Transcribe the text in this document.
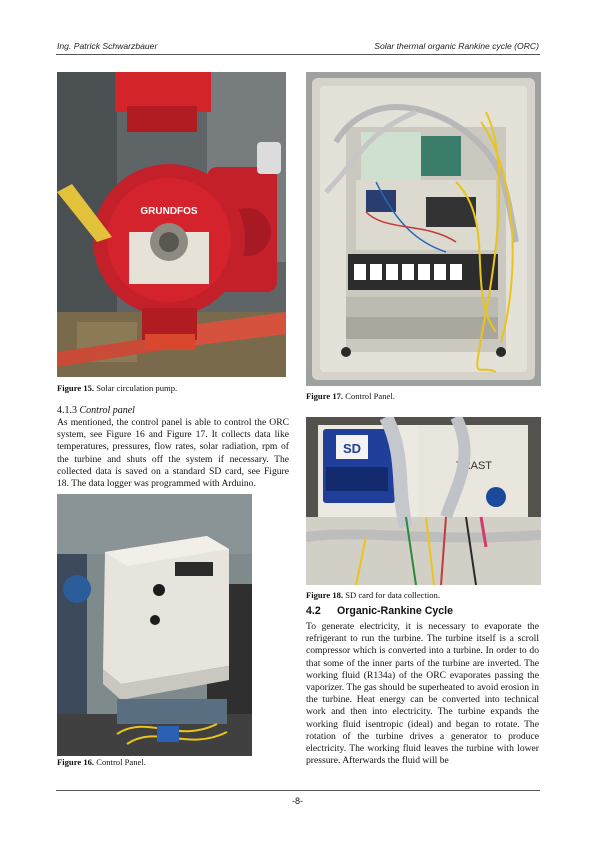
Ing. Patrick Schwarzbauer	Solar thermal organic Rankine cycle (ORC)
GRUNDFOS
Figure 15. Solar circulation pump.
Figure 17. Control Panel.
4.1.3 Control panel

As mentioned, the control panel is able to control the ORC system, see Figure 16 and Figure 17. It collects data like temperatures, pressures, flow rates, solar radiation, rpm of the turbine and shuts off the system if necessary. The collected data is saved on a standard SD card, see Figure 18. The data logger was programmed with Arduino.

Figure 16. Control Panel.
SD
TRAST
Figure 18. SD card for data collection.
4.2 Organic-Rankine Cycle

To generate electricity, it is necessary to evaporate the refrigerant to run the turbine. The turbine itself is a scroll compressor which is converted into a turbine. In order to do that some of the inner parts of the turbine are inverted. The working fluid (R134a) of the ORC evaporates passing the vaporizer. The gas should be superheated to avoid erosion in the turbine. Heat energy can be converted into technical work and then into electricity. The turbine expands the working fluid isentropic (ideal) and began to rotate. The rotation of the turbine drives a generator to produce electricity. The working fluid leaves the turbine with lower pressure. Afterwards the fluid will be

-8-
